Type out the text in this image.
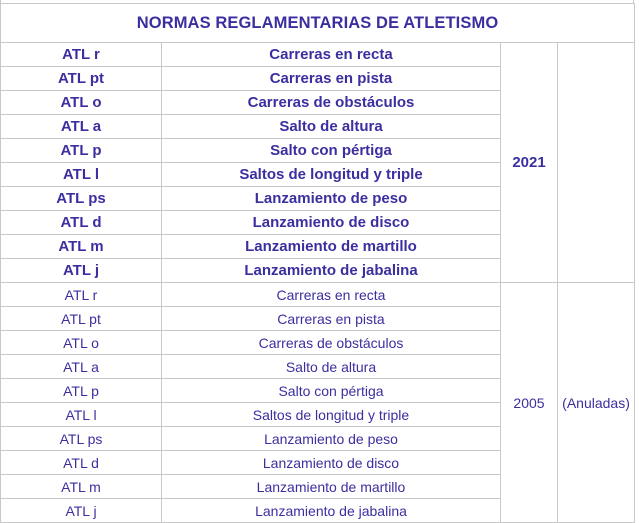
NORMAS REGLAMENTARIAS DE ATLETISMO			
ATL r	Carreras en recta	2021	
ATL pt	Carreras en pista		
ATL o	Carreras de obstáculos		
ATL a	Salto de altura		
ATL p	Salto con pértiga		
ATL l	Saltos de longitud y triple		
ATL ps	Lanzamiento de peso		
ATL d	Lanzamiento de disco		
ATL m	Lanzamiento de martillo		
ATL j	Lanzamiento de jabalina		
ATL r	Carreras en recta	2005	(Anuladas)
ATL pt	Carreras en pista		
ATL o	Carreras de obstáculos		
ATL a	Salto de altura		
ATL p	Salto con pértiga		
ATL l	Saltos de longitud y triple		
ATL ps	Lanzamiento de peso		
ATL d	Lanzamiento de disco		
ATL m	Lanzamiento de martillo		
ATL j	Lanzamiento de jabalina		
